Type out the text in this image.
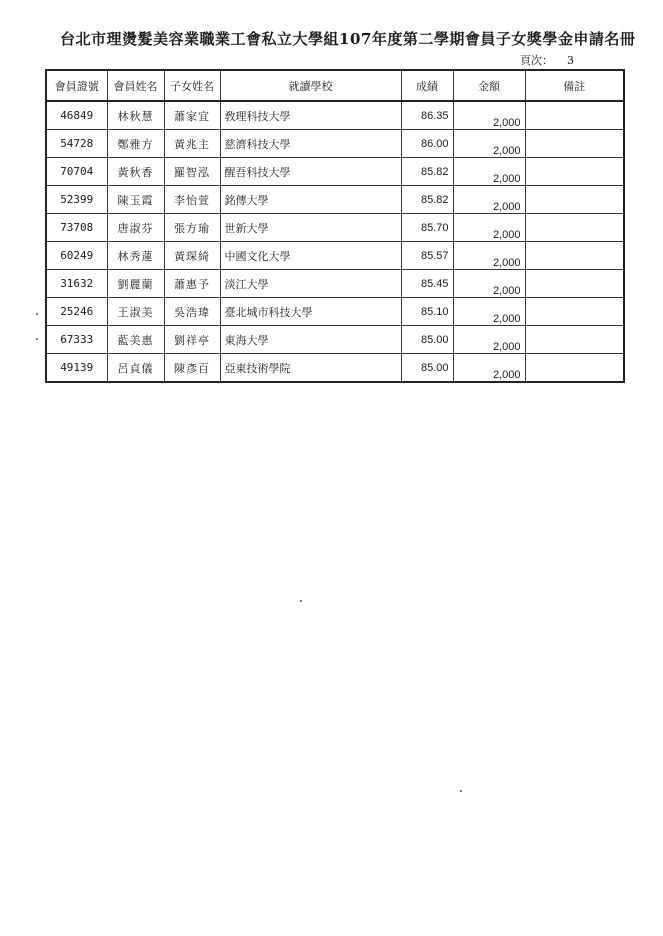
台北市理燙髮美容業職業工會私立大學組107年度第二學期會員子女獎學金申請名冊
頁次： 3
會員證號	會員姓名	子女姓名	就讀學校	成績	金額	備註
46849	林秋慧	蕭家宜	敎理科技大學	86.35	2,000	
54728	鄭雅方	黃兆主	慈濟科技大學	86.00	2,000	
70704	黃秋香	羅智泓	醒吾科技大學	85.82	2,000	
52399	陳玉霞	李怡萱	銘傳大學	85.82	2,000	
73708	唐淑芬	張方瑜	世新大學	85.70	2,000	
60249	林秀蓮	黃琛綺	中國文化大學	85.57	2,000	
31632	劉麗蘭	蕭惠予	淡江大學	85.45	2,000	
25246	王淑美	吳浩瑋	臺北城市科技大學	85.10	2,000	
67333	藍美惠	劉祥亭	東海大學	85.00	2,000	
49139	呂貞儀	陳彥百	亞東技術學院	85.00	2,000	
